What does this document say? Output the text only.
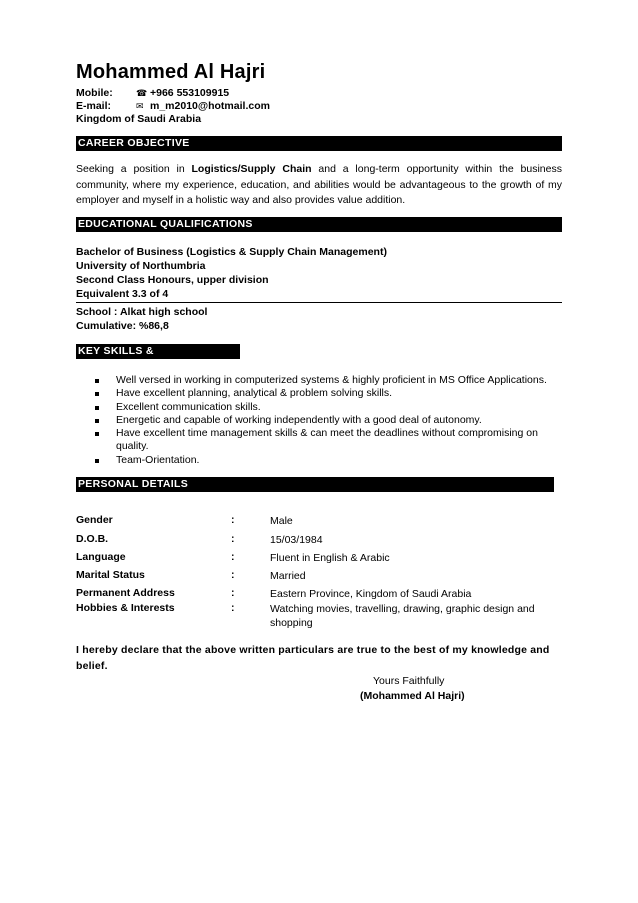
Mohammed Al Hajri
Mobile:	☎ +966 553109915
E-mail:	✉ m_m2010@hotmail.com
Kingdom of Saudi Arabia
CAREER OBJECTIVE
Seeking a position in Logistics/Supply Chain and a long-term opportunity within the business community, where my experience, education, and abilities would be advantageous to the growth of my employer and myself in a holistic way and also provides value addition.
EDUCATIONAL QUALIFICATIONS
Bachelor of Business (Logistics & Supply Chain Management)
University of Northumbria
Second Class Honours, upper division
Equivalent 3.3 of 4
School : Alkat high school
Cumulative: %86,8
KEY SKILLS & COMPETENCIES
Well versed in working in computerized systems & highly proficient in MS Office Applications.
Have excellent planning, analytical & problem solving skills.
Excellent communication skills.
Energetic and capable of working independently with a good deal of autonomy.
Have excellent time management skills & can meet the deadlines without compromising on quality.
Team-Orientation.
PERSONAL DETAILS
Gender	:	Male
D.O.B.	:	15/03/1984
Language	:	Fluent in English & Arabic
Marital Status	:	Married
Permanent Address	:	Eastern Province, Kingdom of Saudi Arabia
Hobbies & Interests	:	Watching movies, travelling, drawing, graphic design and shopping
I hereby declare that the above written particulars are true to the best of my knowledge and belief.
Yours Faithfully
(Mohammed Al Hajri)
